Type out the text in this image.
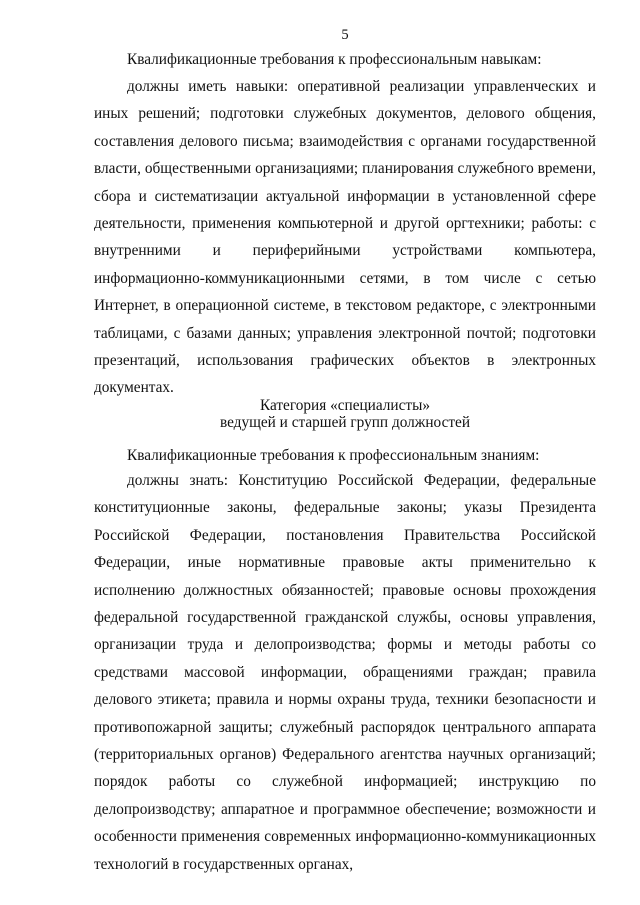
5
Квалификационные требования к профессиональным навыкам:

должны иметь навыки: оперативной реализации управленческих и иных решений; подготовки служебных документов, делового общения, составления делового письма; взаимодействия с органами государственной власти, общественными организациями; планирования служебного времени, сбора и систематизации актуальной информации в установленной сфере деятельности, применения компьютерной и другой оргтехники; работы: с внутренними и периферийными устройствами компьютера, информационно-коммуникационными сетями, в том числе с сетью Интернет, в операционной системе, в текстовом редакторе, с электронными таблицами, с базами данных; управления электронной почтой; подготовки презентаций, использования графических объектов в электронных документах.

Категория «специалисты»
ведущей и старшей групп должностей
Квалификационные требования к профессиональным знаниям:

должны знать: Конституцию Российской Федерации, федеральные конституционные законы, федеральные законы; указы Президента Российской Федерации, постановления Правительства Российской Федерации, иные нормативные правовые акты применительно к исполнению должностных обязанностей; правовые основы прохождения федеральной государственной гражданской службы, основы управления, организации труда и делопроизводства; формы и методы работы со средствами массовой информации, обращениями граждан; правила делового этикета; правила и нормы охраны труда, техники безопасности и противопожарной защиты; служебный распорядок центрального аппарата (территориальных органов) Федерального агентства научных организаций; порядок работы со служебной информацией; инструкцию по делопроизводству; аппаратное и программное обеспечение; возможности и особенности применения современных информационно-коммуникационных технологий в государственных органах,
